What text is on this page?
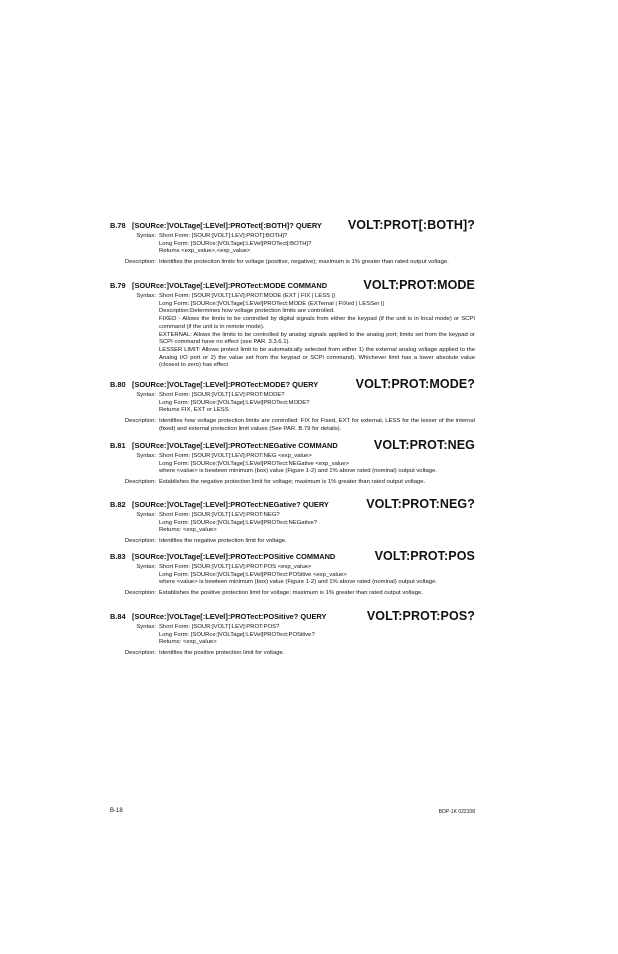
B.78 [SOURce:]VOLTage[:LEVel]:PROTect[:BOTH]? QUERY VOLT:PROT[:BOTH]?
Syntax: Short Form: [SOUR:]VOLT[:LEV]:PROT[:BOTH]?
Long Form: [SOURce:]VOLTage[:LEVel]PROTect[:BOTH]?
Returns <exp_value>,<exp_value>
Description: Identifies the protection limits for voltage (positive, negative); maximum is 1% greater than rated output voltage.
B.79 [SOURce:]VOLTage[:LEVel]:PROTect:MODE COMMAND	VOLT:PROT:MODE
Syntax: Short Form: [SOUR:]VOLT[:LEV]:PROT:MODE (EXT | FIX | LESS |)
Long Form: [SOURce:]VOLTage[:LEVel]PROTect:MODE (EXTernal | FIXed | LESSer |)
Description:Determines how voltage protection limits are controlled.
FIXED - Allows the limits to be controlled by digital signals from either the keypad (if the unit is in local mode) or SCPI command (if the unit is in remote mode).
EXTERNAL: Allows the limits to be controlled by analog signals applied to the analog port; limits set from the keypad or SCPI command have no effect (see PAR. 3.3.6.1).
LESSER LIMIT: Allows protect limit to be automatically selected from either 1) the external analog voltage applied to the Analog I/O port or 2) the value set from the keypad or SCPI command). Whichever limit has a lower absolute value (closest to zero) has effect
B.80 [SOURce:]VOLTage[:LEVel]:PROTect:MODE? QUERY	VOLT:PROT:MODE?
Syntax: Short Form: [SOUR:]VOLT[:LEV]:PROT:MODE?
Long Form: [SOURce:]VOLTage[:LEVel]PROTect:MODE?
Returns FIX, EXT or LESS
Description: Identifies how voltage protection limits are controlled: FIX for Fixed, EXT for external, LESS for the lesser of the internal (fixed) and external protection limit values (See PAR. B.79 for details).
B.81 [SOURce:]VOLTage[:LEVel]:PROTect:NEGative COMMAND	VOLT:PROT:NEG
Syntax: Short Form: [SOUR:]VOLT[:LEV]:PROT:NEG <exp_value>
Long Form: [SOURce:]VOLTage[:LEVel]PROTect:NEGative <exp_value>
where <value> is bewteen minimum (box) value (Figure 1-2) and 1% above rated (nominal) output voltage.
Description: Establishes the negative protection limit for voltage; maximum is 1% greater than rated output voltage.
B.82 [SOURce:]VOLTage[:LEVel]:PROTect:NEGative? QUERY	VOLT:PROT:NEG?
Syntax: Short Form: [SOUR:]VOLT[:LEV]:PROT:NEG?
Long Form: [SOURce:]VOLTage[:LEVel]PROTect:NEGative?
Returns: <exp_value>
Description: Identifies the negative protection limit for voltage.
B.83 [SOURce:]VOLTage[:LEVel]:PROTect:POSitive COMMAND	VOLT:PROT:POS
Syntax: Short Form: [SOUR:]VOLT[:LEV]:PROT:POS <exp_value>
Long Form: [SOURce:]VOLTage[:LEVel]PROTect:POSitive <exp_value>
where <value> is bewteen minimum (box) value (Figure 1-2) and 1% above rated (nominal) output voltage.
Description: Establishes the positive protection limit for voltage; maximum is 1% greater than rated output voltage.
B.84 [SOURce:]VOLTage[:LEVel]:PROTect:POSitive? QUERY	VOLT:PROT:POS?
Syntax: Short Form: [SOUR:]VOLT[:LEV]:PROT:POS?
Long Form: [SOURce:]VOLTage[:LEVel]PROTect:POSitive?
Returns: <exp_value>
Description: Identifies the positive protection limit for voltage.
B-18	BOP-1K 022108
